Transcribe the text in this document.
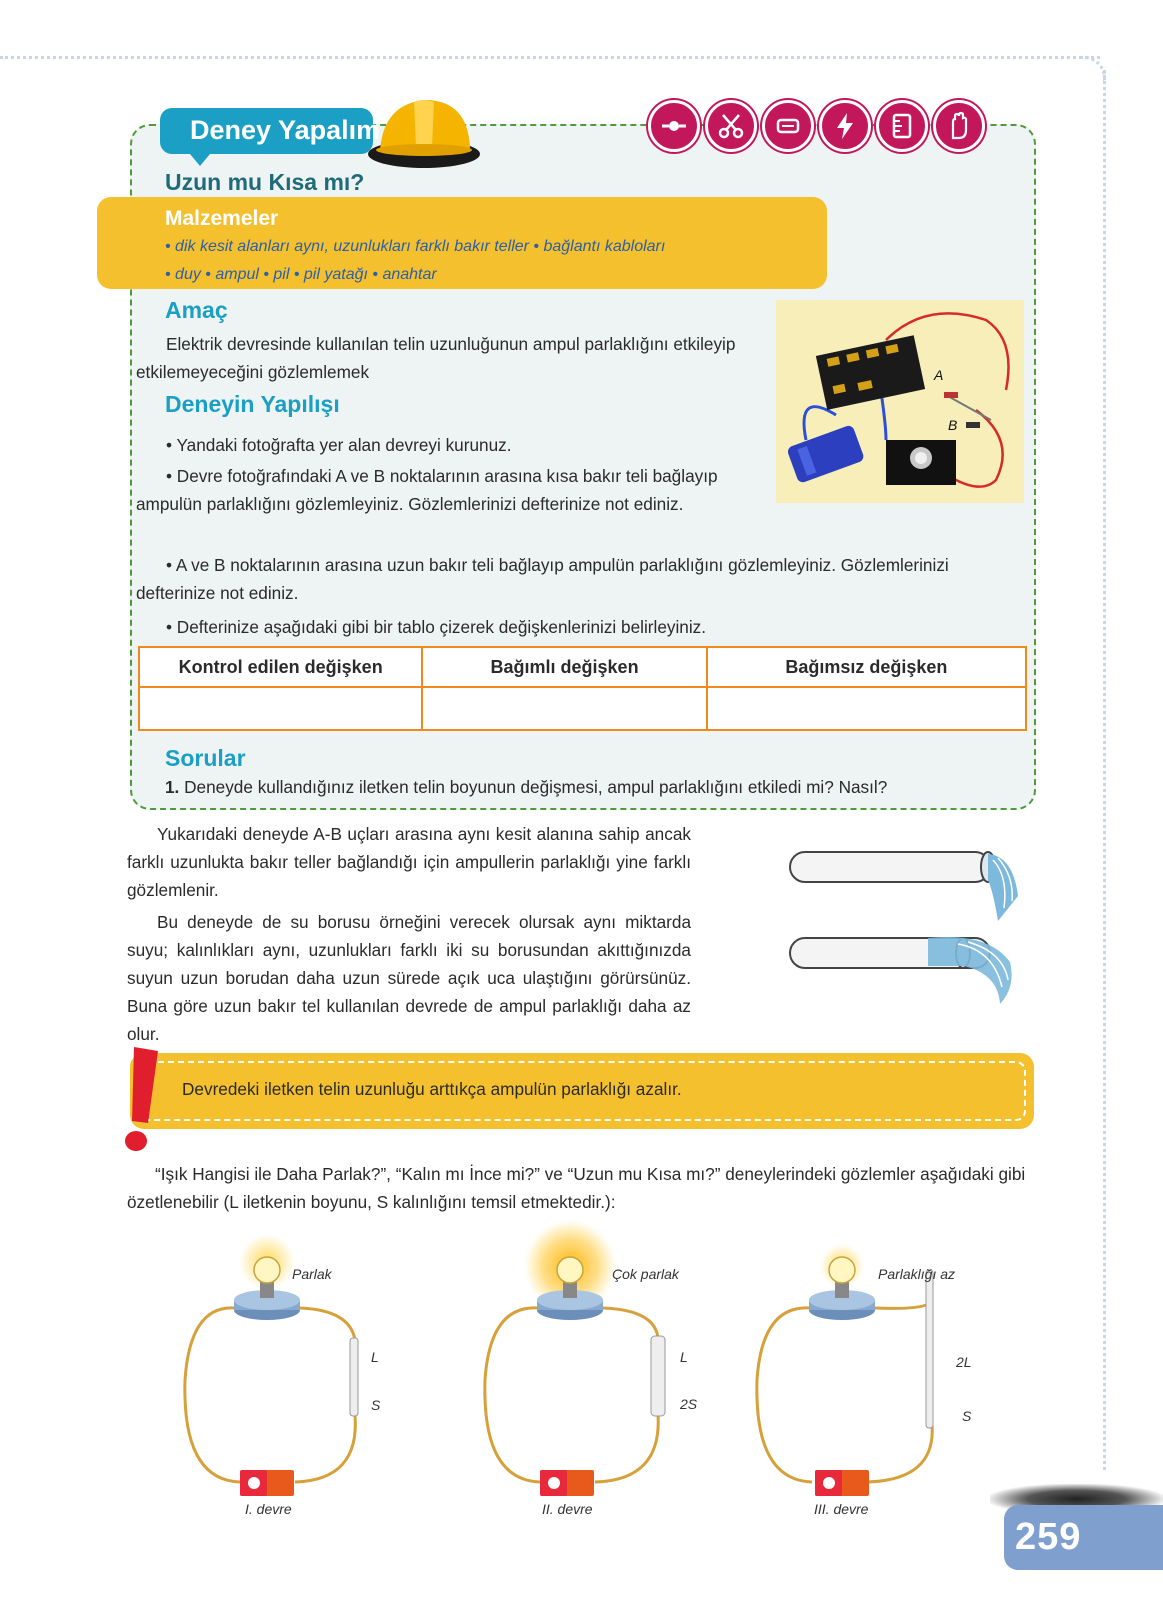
Deney Yapalım
Uzun mu Kısa mı?
Malzemeler
• dik kesit alanları aynı, uzunlukları farklı bakır teller • bağlantı kabloları
• duy • ampul • pil • pil yatağı • anahtar
Amaç
Elektrik devresinde kullanılan telin uzunluğunun ampul parlaklığını etkileyip etkilemeyeceğini gözlemlemek
Deneyin Yapılışı
• Yandaki fotoğrafta yer alan devreyi kurunuz.
• Devre fotoğrafındaki A ve B noktalarının arasına kısa bakır teli bağlayıp ampulün parlaklığını gözlemleyiniz. Gözlemlerinizi defterinize not ediniz.
• A ve B noktalarının arasına uzun bakır teli bağlayıp ampulün parlaklığını gözlemleyiniz. Gözlemlerinizi defterinize not ediniz.
• Defterinize aşağıdaki gibi bir tablo çizerek değişkenlerinizi belirleyiniz.
A
B
Kontrol edilen değişken	Bağımlı değişken	Bağımsız değişken

Sorular
1. Deneyde kullandığınız iletken telin boyunun değişmesi, ampul parlaklığını etkiledi mi? Nasıl?
Yukarıdaki deneyde A-B uçları arasına aynı kesit alanına sahip ancak farklı uzunlukta bakır teller bağlandığı için ampullerin parlaklığı yine farklı gözlemlenir.
Bu deneyde de su borusu örneğini verecek olursak aynı miktarda suyu; kalınlıkları aynı, uzunlukları farklı iki su borusundan akıttığınızda suyun uzun borudan daha uzun sürede açık uca ulaştığını görürsünüz. Buna göre uzun bakır tel kullanılan devrede de ampul parlaklığı daha az olur.
Devredeki iletken telin uzunluğu arttıkça ampulün parlaklığı azalır.
“Işık Hangisi ile Daha Parlak?”, “Kalın mı İnce mi?” ve “Uzun mu Kısa mı?” deneylerindeki gözlemler aşağıdaki gibi özetlenebilir (L iletkenin boyunu, S kalınlığını temsil etmektedir.):
Parlak
L
S
Çok parlak
L
2S
Parlaklığı az
2L
S
I. devre	II. devre	III. devre
259
